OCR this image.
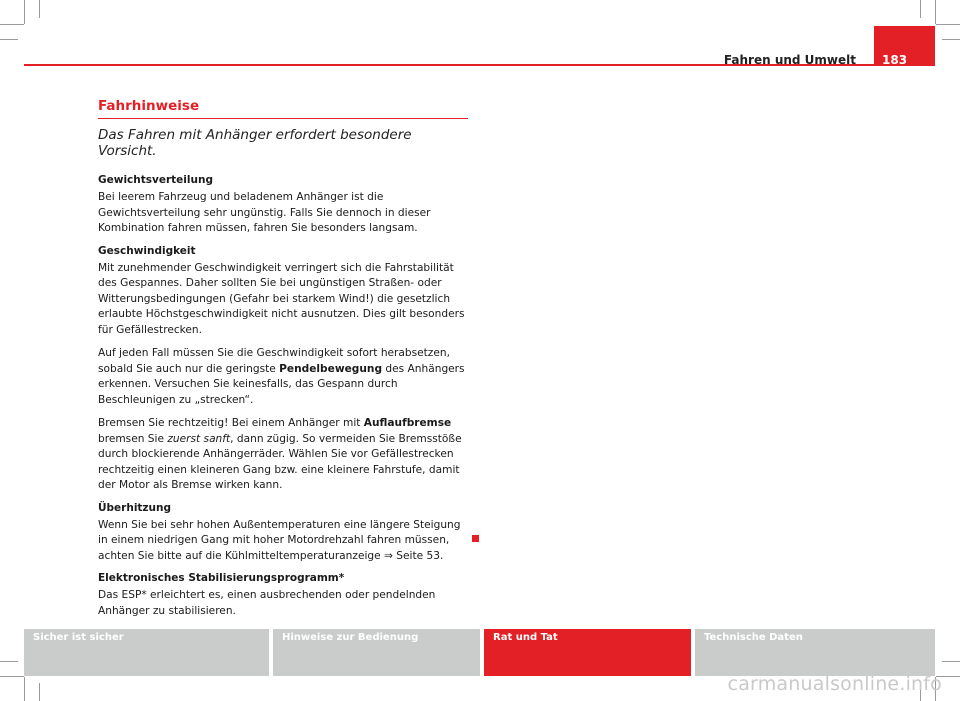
Fahren und Umwelt 183
Fahrhinweise

Das Fahren mit Anhänger erfordert besondere Vorsicht.

Gewichtsverteilung

Bei leerem Fahrzeug und beladenem Anhänger ist die Gewichtsverteilung sehr ungünstig. Falls Sie dennoch in dieser Kombination fahren müssen, fahren Sie besonders langsam.

Geschwindigkeit

Mit zunehmender Geschwindigkeit verringert sich die Fahrstabilität des Gespannes. Daher sollten Sie bei ungünstigen Straßen- oder Witterungsbedingungen (Gefahr bei starkem Wind!) die gesetzlich erlaubte Höchstgeschwindigkeit nicht ausnutzen. Dies gilt besonders für Gefällestrecken.

Auf jeden Fall müssen Sie die Geschwindigkeit sofort herabsetzen, sobald Sie auch nur die geringste Pendelbewegung des Anhängers erkennen. Versuchen Sie keinesfalls, das Gespann durch Beschleunigen zu „strecken“.

Bremsen Sie rechtzeitig! Bei einem Anhänger mit Auflaufbremse bremsen Sie zuerst sanft, dann zügig. So vermeiden Sie Bremsstöße durch blockierende Anhängerräder. Wählen Sie vor Gefällestrecken rechtzeitig einen kleineren Gang bzw. eine kleinere Fahrstufe, damit der Motor als Bremse wirken kann.

Überhitzung

Wenn Sie bei sehr hohen Außentemperaturen eine längere Steigung in einem niedrigen Gang mit hoher Motordrehzahl fahren müssen, achten Sie bitte auf die Kühlmitteltemperaturanzeige ⇒ Seite 53.

Elektronisches Stabilisierungsprogramm*

Das ESP* erleichtert es, einen ausbrechenden oder pendelnden Anhänger zu stabilisieren.

Sicher ist sicher	Hinweise zur Bedienung	Rat und Tat	Technische Daten
carmanualsonline.info
